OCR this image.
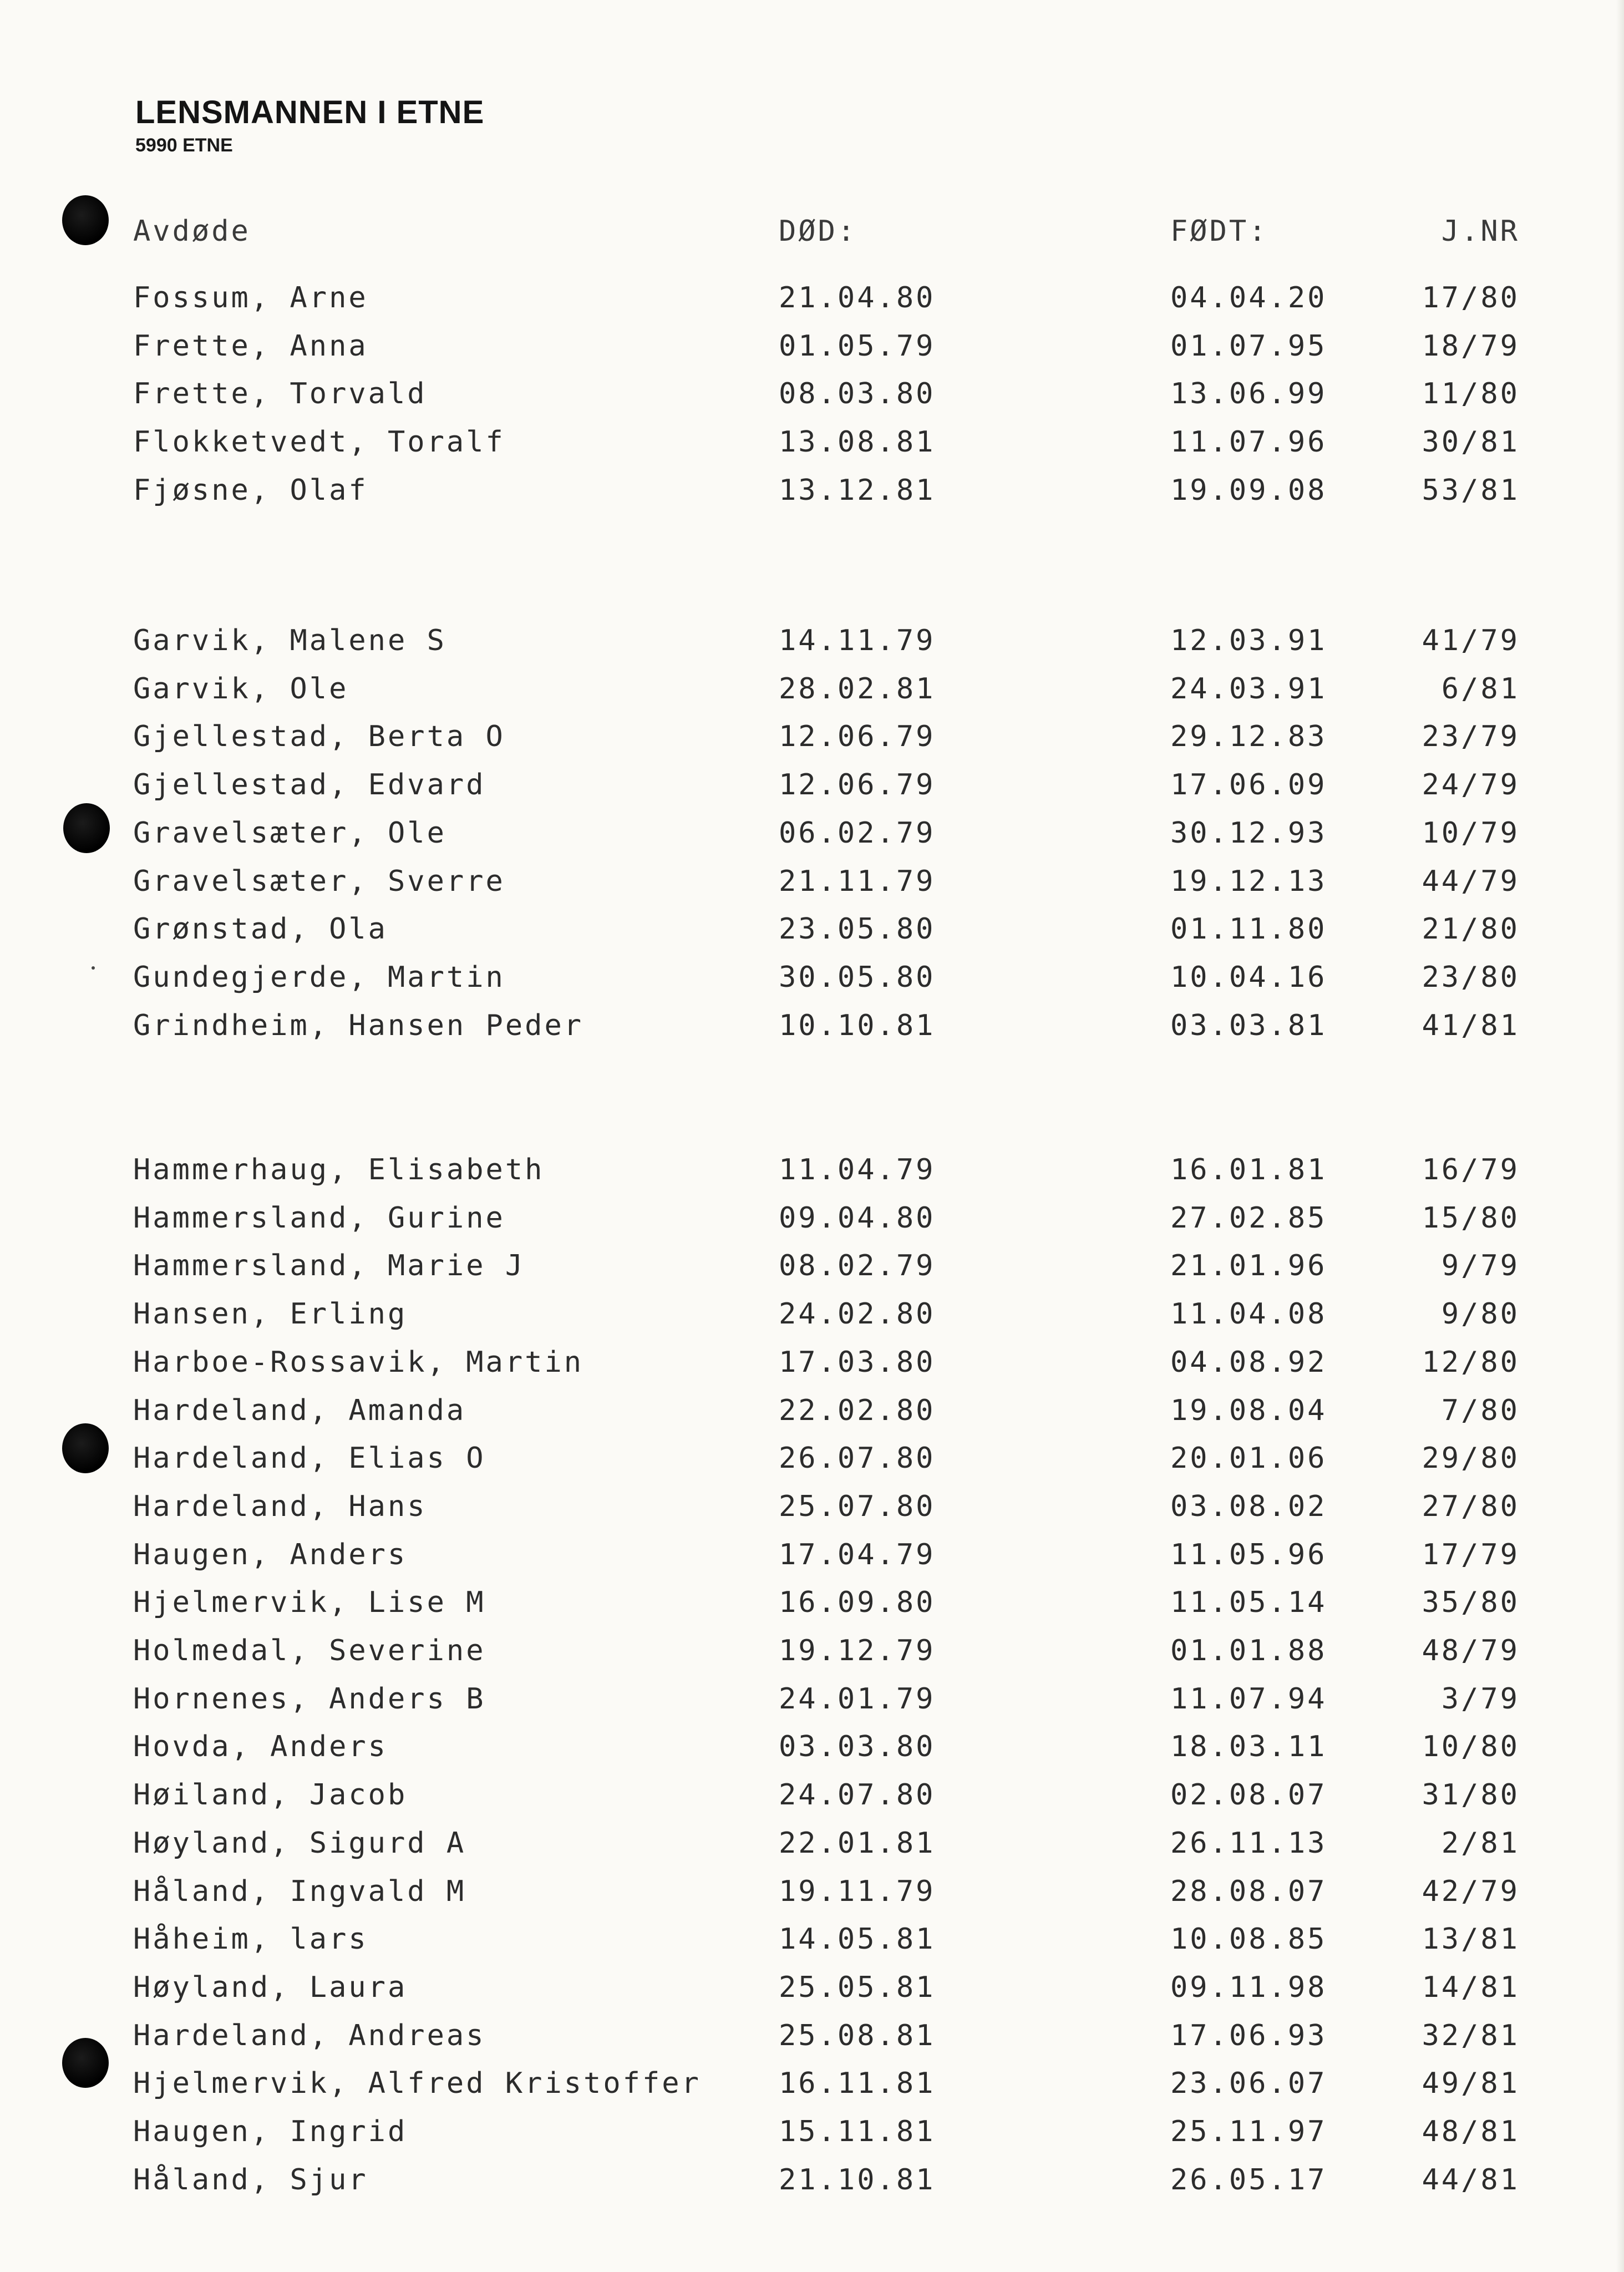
LENSMANNEN I ETNE
5990 ETNE
Avdøde	DØD:	FØDT:	J.NR
Fossum, Arne	21.04.80	04.04.20	17/80
Frette, Anna	01.05.79	01.07.95	18/79
Frette, Torvald	08.03.80	13.06.99	11/80
Flokketvedt, Toralf	13.08.81	11.07.96	30/81
Fjøsne, Olaf	13.12.81	19.09.08	53/81
Garvik, Malene S	14.11.79	12.03.91	41/79
Garvik, Ole	28.02.81	24.03.91	6/81
Gjellestad, Berta O	12.06.79	29.12.83	23/79
Gjellestad, Edvard	12.06.79	17.06.09	24/79
Gravelsæter, Ole	06.02.79	30.12.93	10/79
Gravelsæter, Sverre	21.11.79	19.12.13	44/79
Grønstad, Ola	23.05.80	01.11.80	21/80
Gundegjerde, Martin	30.05.80	10.04.16	23/80
Grindheim, Hansen Peder	10.10.81	03.03.81	41/81
Hammerhaug, Elisabeth	11.04.79	16.01.81	16/79
Hammersland, Gurine	09.04.80	27.02.85	15/80
Hammersland, Marie J	08.02.79	21.01.96	9/79
Hansen, Erling	24.02.80	11.04.08	9/80
Harboe-Rossavik, Martin	17.03.80	04.08.92	12/80
Hardeland, Amanda	22.02.80	19.08.04	7/80
Hardeland, Elias O	26.07.80	20.01.06	29/80
Hardeland, Hans	25.07.80	03.08.02	27/80
Haugen, Anders	17.04.79	11.05.96	17/79
Hjelmervik, Lise M	16.09.80	11.05.14	35/80
Holmedal, Severine	19.12.79	01.01.88	48/79
Hornenes, Anders B	24.01.79	11.07.94	3/79
Hovda, Anders	03.03.80	18.03.11	10/80
Høiland, Jacob	24.07.80	02.08.07	31/80
Høyland, Sigurd A	22.01.81	26.11.13	2/81
Håland, Ingvald M	19.11.79	28.08.07	42/79
Håheim, lars	14.05.81	10.08.85	13/81
Høyland, Laura	25.05.81	09.11.98	14/81
Hardeland, Andreas	25.08.81	17.06.93	32/81
Hjelmervik, Alfred Kristoffer	16.11.81	23.06.07	49/81
Haugen, Ingrid	15.11.81	25.11.97	48/81
Håland, Sjur	21.10.81	26.05.17	44/81
